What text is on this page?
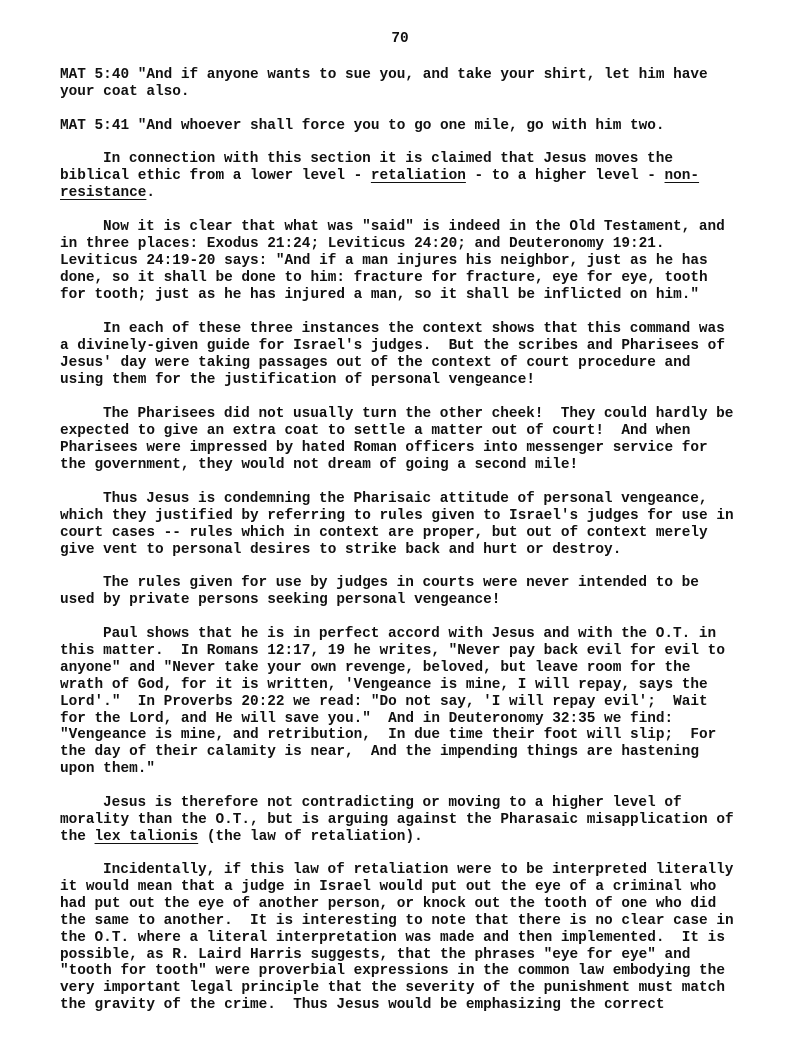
70
MAT 5:40 "And if anyone wants to sue you, and take your shirt, let him have
your coat also.
MAT 5:41 "And whoever shall force you to go one mile, go with him two.
In connection with this section it is claimed that Jesus moves the
biblical ethic from a lower level - retaliation - to a higher level - non-
resistance.
Now it is clear that what was "said" is indeed in the Old Testament, and
in three places: Exodus 21:24; Leviticus 24:20; and Deuteronomy 19:21.
Leviticus 24:19-20 says: "And if a man injures his neighbor, just as he has
done, so it shall be done to him: fracture for fracture, eye for eye, tooth
for tooth; just as he has injured a man, so it shall be inflicted on him."
In each of these three instances the context shows that this command was
a divinely-given guide for Israel's judges.  But the scribes and Pharisees of
Jesus' day were taking passages out of the context of court procedure and
using them for the justification of personal vengeance!
The Pharisees did not usually turn the other cheek!  They could hardly be
expected to give an extra coat to settle a matter out of court!  And when
Pharisees were impressed by hated Roman officers into messenger service for
the government, they would not dream of going a second mile!
Thus Jesus is condemning the Pharisaic attitude of personal vengeance,
which they justified by referring to rules given to Israel's judges for use in
court cases -- rules which in context are proper, but out of context merely
give vent to personal desires to strike back and hurt or destroy.
The rules given for use by judges in courts were never intended to be
used by private persons seeking personal vengeance!
Paul shows that he is in perfect accord with Jesus and with the O.T. in
this matter.  In Romans 12:17, 19 he writes, "Never pay back evil for evil to
anyone" and "Never take your own revenge, beloved, but leave room for the
wrath of God, for it is written, 'Vengeance is mine, I will repay, says the
Lord'."  In Proverbs 20:22 we read: "Do not say, 'I will repay evil';  Wait
for the Lord, and He will save you."  And in Deuteronomy 32:35 we find:
"Vengeance is mine, and retribution,  In due time their foot will slip;  For
the day of their calamity is near,  And the impending things are hastening
upon them."
Jesus is therefore not contradicting or moving to a higher level of
morality than the O.T., but is arguing against the Pharasaic misapplication of
the lex talionis (the law of retaliation).
Incidentally, if this law of retaliation were to be interpreted literally
it would mean that a judge in Israel would put out the eye of a criminal who
had put out the eye of another person, or knock out the tooth of one who did
the same to another.  It is interesting to note that there is no clear case in
the O.T. where a literal interpretation was made and then implemented.  It is
possible, as R. Laird Harris suggests, that the phrases "eye for eye" and
"tooth for tooth" were proverbial expressions in the common law embodying the
very important legal principle that the severity of the punishment must match
the gravity of the crime.  Thus Jesus would be emphasizing the correct
